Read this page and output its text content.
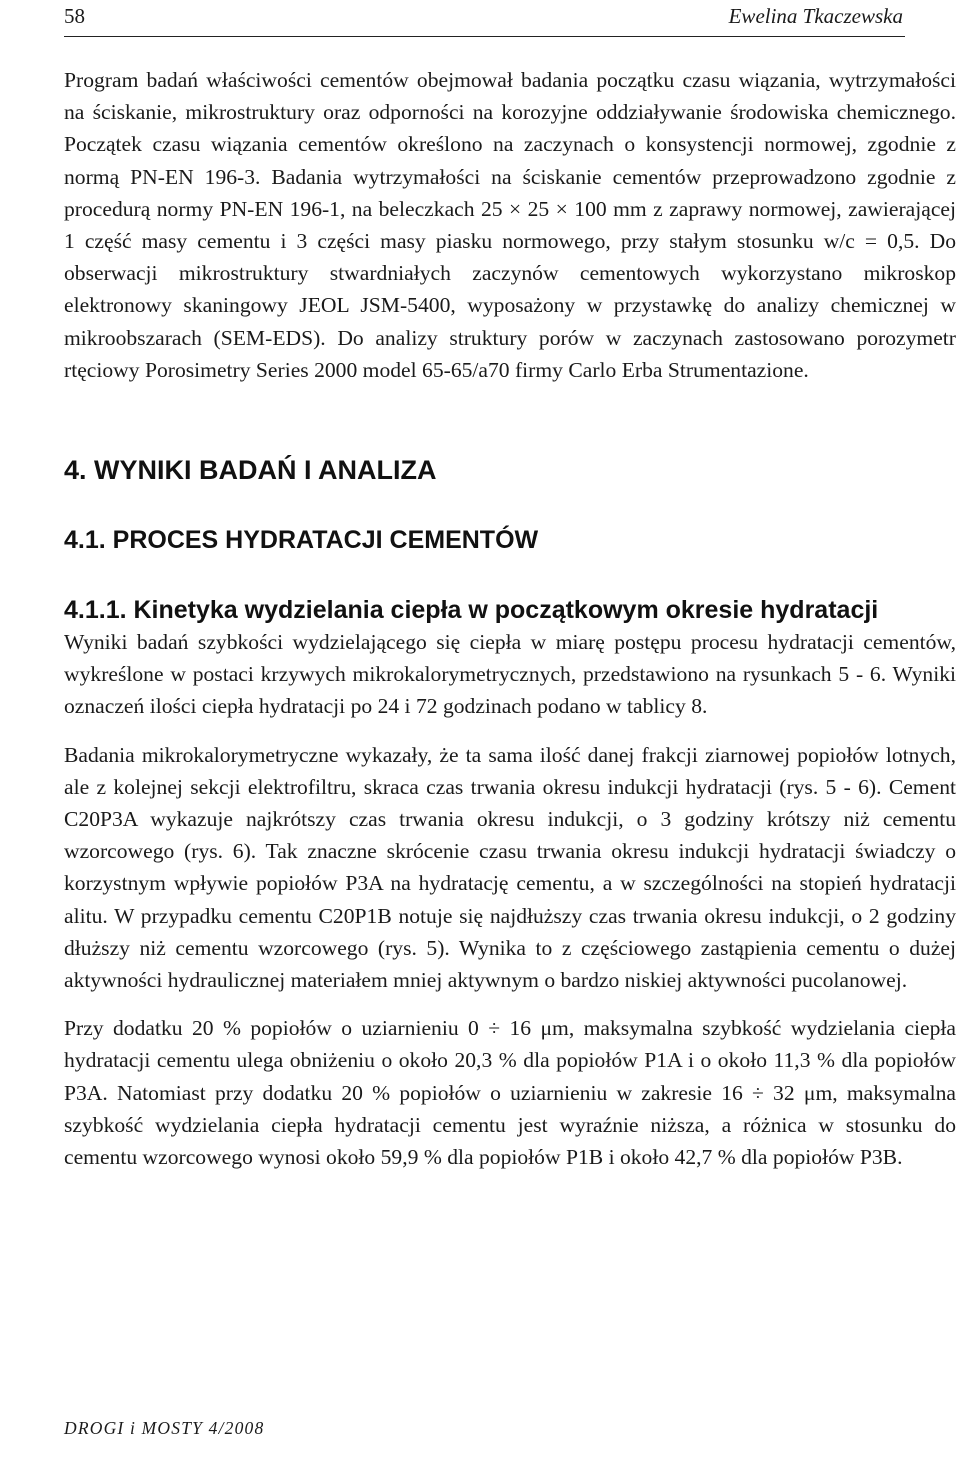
58	Ewelina Tkaczewska

Program badań właściwości cementów obejmował badania początku czasu wiązania, wytrzymałości na ściskanie, mikrostruktury oraz odporności na korozyjne oddziaływanie środowiska chemicznego. Początek czasu wiązania cementów określono na zaczynach o konsystencji normowej, zgodnie z normą PN-EN 196-3. Badania wytrzymałości na ściskanie cementów przeprowadzono zgodnie z procedurą normy PN-EN 196-1, na beleczkach 25 × 25 × 100 mm z zaprawy normowej, zawierającej 1 część masy cementu i 3 części masy piasku normowego, przy stałym stosunku w/c = 0,5. Do obserwacji mikrostruktury stwardniałych zaczynów cementowych wykorzystano mikroskop elektronowy skaningowy JEOL JSM-5400, wyposażony w przystawkę do analizy chemicznej w mikroobszarach (SEM-EDS). Do analizy struktury porów w zaczynach zastosowano porozymetr rtęciowy Porosimetry Series 2000 model 65-65/a70 firmy Carlo Erba Strumentazione.

4. WYNIKI BADAŃ I ANALIZA
4.1. PROCES HYDRATACJI CEMENTÓW
4.1.1. Kinetyka wydzielania ciepła w początkowym okresie hydratacji

Wyniki badań szybkości wydzielającego się ciepła w miarę postępu procesu hydratacji cementów, wykreślone w postaci krzywych mikrokalorymetrycznych, przedstawiono na rysunkach 5 - 6. Wyniki oznaczeń ilości ciepła hydratacji po 24 i 72 godzinach podano w tablicy 8.

Badania mikrokalorymetryczne wykazały, że ta sama ilość danej frakcji ziarnowej popiołów lotnych, ale z kolejnej sekcji elektrofiltru, skraca czas trwania okresu indukcji hydratacji (rys. 5 - 6). Cement C20P3A wykazuje najkrótszy czas trwania okresu indukcji, o 3 godziny krótszy niż cementu wzorcowego (rys. 6). Tak znaczne skrócenie czasu trwania okresu indukcji hydratacji świadczy o korzystnym wpływie popiołów P3A na hydratację cementu, a w szczególności na stopień hydratacji alitu. W przypadku cementu C20P1B notuje się najdłuższy czas trwania okresu indukcji, o 2 godziny dłuższy niż cementu wzorcowego (rys. 5). Wynika to z częściowego zastąpienia cementu o dużej aktywności hydraulicznej materiałem mniej aktywnym o bardzo niskiej aktywności pucolanowej.

Przy dodatku 20 % popiołów o uziarnieniu 0 ÷ 16 μm, maksymalna szybkość wydzielania ciepła hydratacji cementu ulega obniżeniu o około 20,3 % dla popiołów P1A i o około 11,3 % dla popiołów P3A. Natomiast przy dodatku 20 % popiołów o uziarnieniu w zakresie 16 ÷ 32 μm, maksymalna szybkość wydzielania ciepła hydratacji cementu jest wyraźnie niższa, a różnica w stosunku do cementu wzorcowego wynosi około 59,9 % dla popiołów P1B i około 42,7 % dla popiołów P3B.

DROGI i MOSTY 4/2008
